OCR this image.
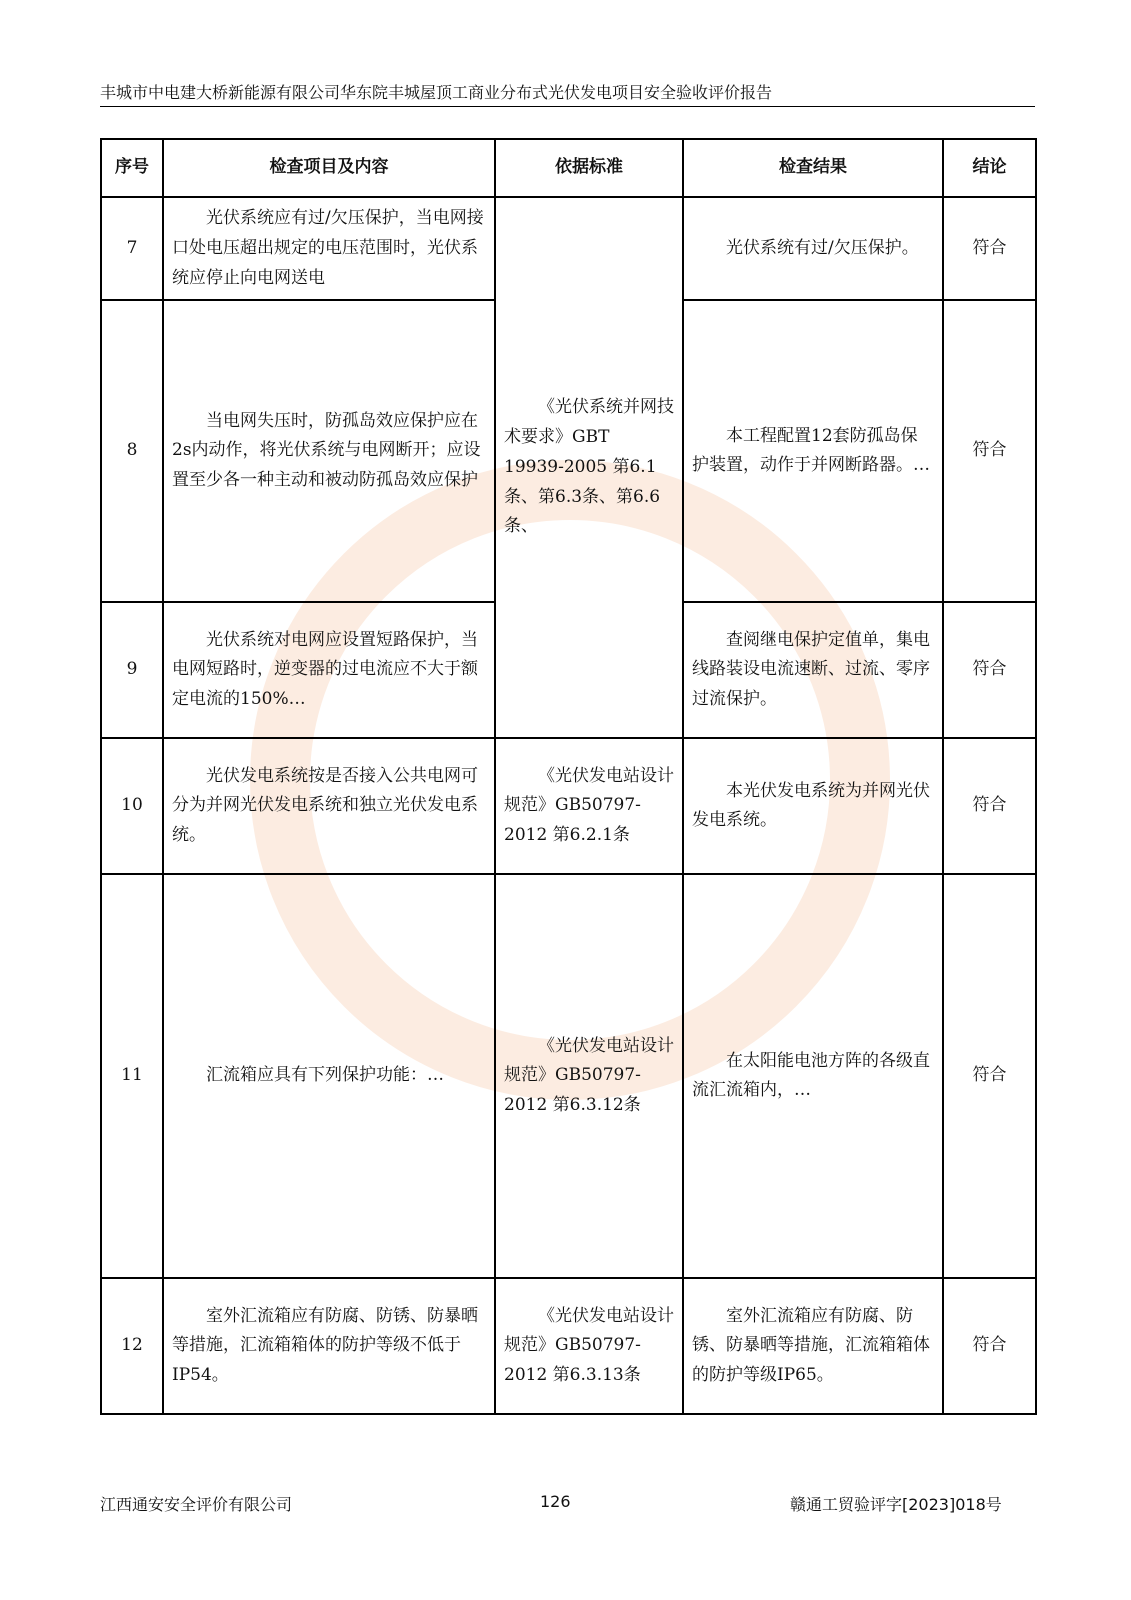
丰城市中电建大桥新能源有限公司华东院丰城屋顶工商业分布式光伏发电项目安全验收评价报告
序号	检查项目及内容	依据标准	检查结果	结论
7	光伏系统应有过/欠压保护，当电网接口处电压超出规定的电压范围时，光伏系统应停止向电网送电	《光伏系统并网技术要求》GBT 19939-2005 第6.1条、第6.3条、第6.6条、	光伏系统有过/欠压保护。	符合
8	当电网失压时，防孤岛效应保护应在2s内动作，将光伏系统与电网断开；应设置至少各一种主动和被动防孤岛效应保护		本工程配置12套防孤岛保护装置，动作于并网断路器。…	符合
9	光伏系统对电网应设置短路保护，当电网短路时，逆变器的过电流应不大于额定电流的150%…		查阅继电保护定值单，集电线路装设电流速断、过流、零序过流保护。	符合
10	光伏发电系统按是否接入公共电网可分为并网光伏发电系统和独立光伏发电系统。	《光伏发电站设计规范》GB50797-2012 第6.2.1条	本光伏发电系统为并网光伏发电系统。	符合
11	汇流箱应具有下列保护功能：…	《光伏发电站设计规范》GB50797-2012 第6.3.12条	在太阳能电池方阵的各级直流汇流箱内，…	符合
12	室外汇流箱应有防腐、防锈、防暴晒等措施，汇流箱箱体的防护等级不低于IP54。	《光伏发电站设计规范》GB50797-2012 第6.3.13条	室外汇流箱应有防腐、防锈、防暴晒等措施，汇流箱箱体的防护等级IP65。	符合
江西通安安全评价有限公司	126	赣通工贸验评字[2023]018号
